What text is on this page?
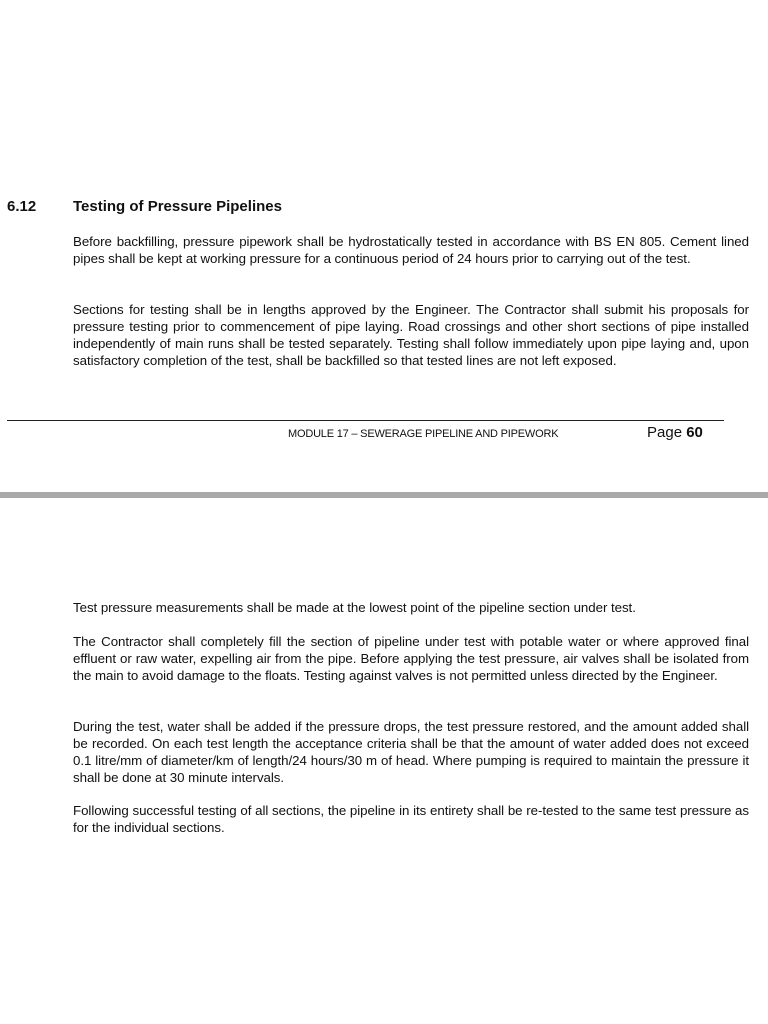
6.12 Testing of Pressure Pipelines

Before backfilling, pressure pipework shall be hydrostatically tested in accordance with BS EN 805. Cement lined pipes shall be kept at working pressure for a continuous period of 24 hours prior to carrying out of the test.

Sections for testing shall be in lengths approved by the Engineer. The Contractor shall submit his proposals for pressure testing prior to commencement of pipe laying. Road crossings and other short sections of pipe installed independently of main runs shall be tested separately. Testing shall follow immediately upon pipe laying and, upon satisfactory completion of the test, shall be backfilled so that tested lines are not left exposed.

MODULE 17 – SEWERAGE PIPELINE AND PIPEWORK	Page 60

Test pressure measurements shall be made at the lowest point of the pipeline section under test.

The Contractor shall completely fill the section of pipeline under test with potable water or where approved final effluent or raw water, expelling air from the pipe. Before applying the test pressure, air valves shall be isolated from the main to avoid damage to the floats. Testing against valves is not permitted unless directed by the Engineer.

During the test, water shall be added if the pressure drops, the test pressure restored, and the amount added shall be recorded. On each test length the acceptance criteria shall be that the amount of water added does not exceed 0.1 litre/mm of diameter/km of length/24 hours/30 m of head. Where pumping is required to maintain the pressure it shall be done at 30 minute intervals.

Following successful testing of all sections, the pipeline in its entirety shall be re-tested to the same test pressure as for the individual sections.
